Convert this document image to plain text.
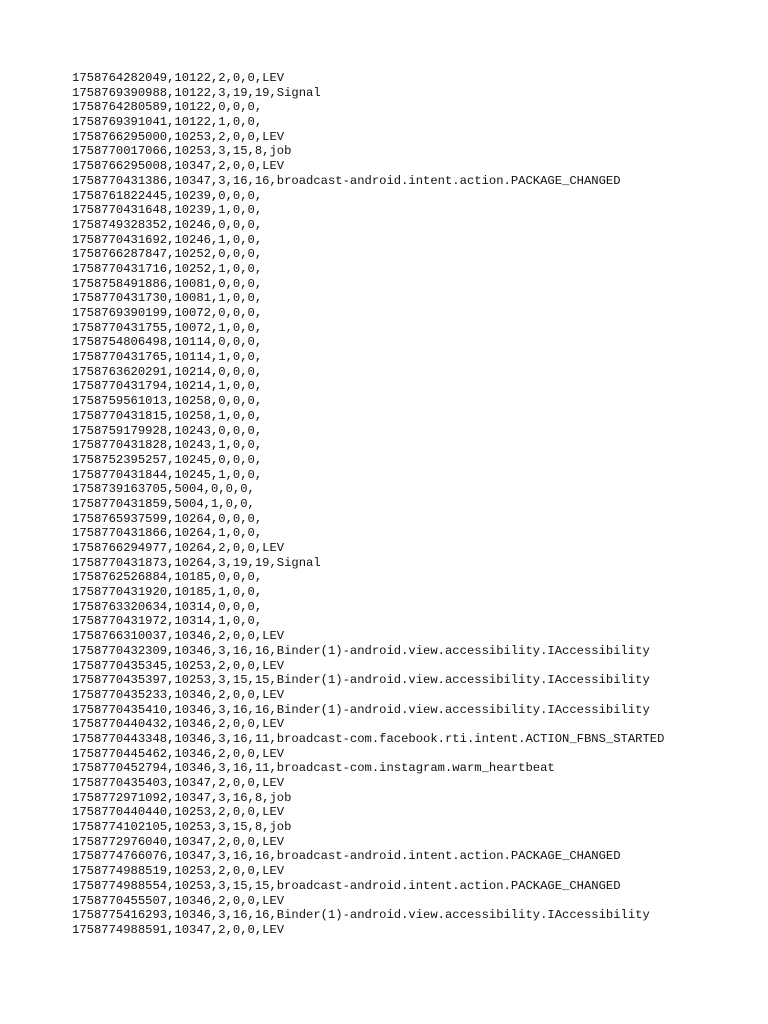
1758764282049,10122,2,0,0,LEV
1758769390988,10122,3,19,19,Signal
1758764280589,10122,0,0,0,
1758769391041,10122,1,0,0,
1758766295000,10253,2,0,0,LEV
1758770017066,10253,3,15,8,job
1758766295008,10347,2,0,0,LEV
1758770431386,10347,3,16,16,broadcast-android.intent.action.PACKAGE_CHANGED
1758761822445,10239,0,0,0,
1758770431648,10239,1,0,0,
1758749328352,10246,0,0,0,
1758770431692,10246,1,0,0,
1758766287847,10252,0,0,0,
1758770431716,10252,1,0,0,
1758758491886,10081,0,0,0,
1758770431730,10081,1,0,0,
1758769390199,10072,0,0,0,
1758770431755,10072,1,0,0,
1758754806498,10114,0,0,0,
1758770431765,10114,1,0,0,
1758763620291,10214,0,0,0,
1758770431794,10214,1,0,0,
1758759561013,10258,0,0,0,
1758770431815,10258,1,0,0,
1758759179928,10243,0,0,0,
1758770431828,10243,1,0,0,
1758752395257,10245,0,0,0,
1758770431844,10245,1,0,0,
1758739163705,5004,0,0,0,
1758770431859,5004,1,0,0,
1758765937599,10264,0,0,0,
1758770431866,10264,1,0,0,
1758766294977,10264,2,0,0,LEV
1758770431873,10264,3,19,19,Signal
1758762526884,10185,0,0,0,
1758770431920,10185,1,0,0,
1758763320634,10314,0,0,0,
1758770431972,10314,1,0,0,
1758766310037,10346,2,0,0,LEV
1758770432309,10346,3,16,16,Binder(1)-android.view.accessibility.IAccessibility
1758770435345,10253,2,0,0,LEV
1758770435397,10253,3,15,15,Binder(1)-android.view.accessibility.IAccessibility
1758770435233,10346,2,0,0,LEV
1758770435410,10346,3,16,16,Binder(1)-android.view.accessibility.IAccessibility
1758770440432,10346,2,0,0,LEV
1758770443348,10346,3,16,11,broadcast-com.facebook.rti.intent.ACTION_FBNS_STARTED
1758770445462,10346,2,0,0,LEV
1758770452794,10346,3,16,11,broadcast-com.instagram.warm_heartbeat
1758770435403,10347,2,0,0,LEV
1758772971092,10347,3,16,8,job
1758770440440,10253,2,0,0,LEV
1758774102105,10253,3,15,8,job
1758772976040,10347,2,0,0,LEV
1758774766076,10347,3,16,16,broadcast-android.intent.action.PACKAGE_CHANGED
1758774988519,10253,2,0,0,LEV
1758774988554,10253,3,15,15,broadcast-android.intent.action.PACKAGE_CHANGED
1758770455507,10346,2,0,0,LEV
1758775416293,10346,3,16,16,Binder(1)-android.view.accessibility.IAccessibility
1758774988591,10347,2,0,0,LEV
